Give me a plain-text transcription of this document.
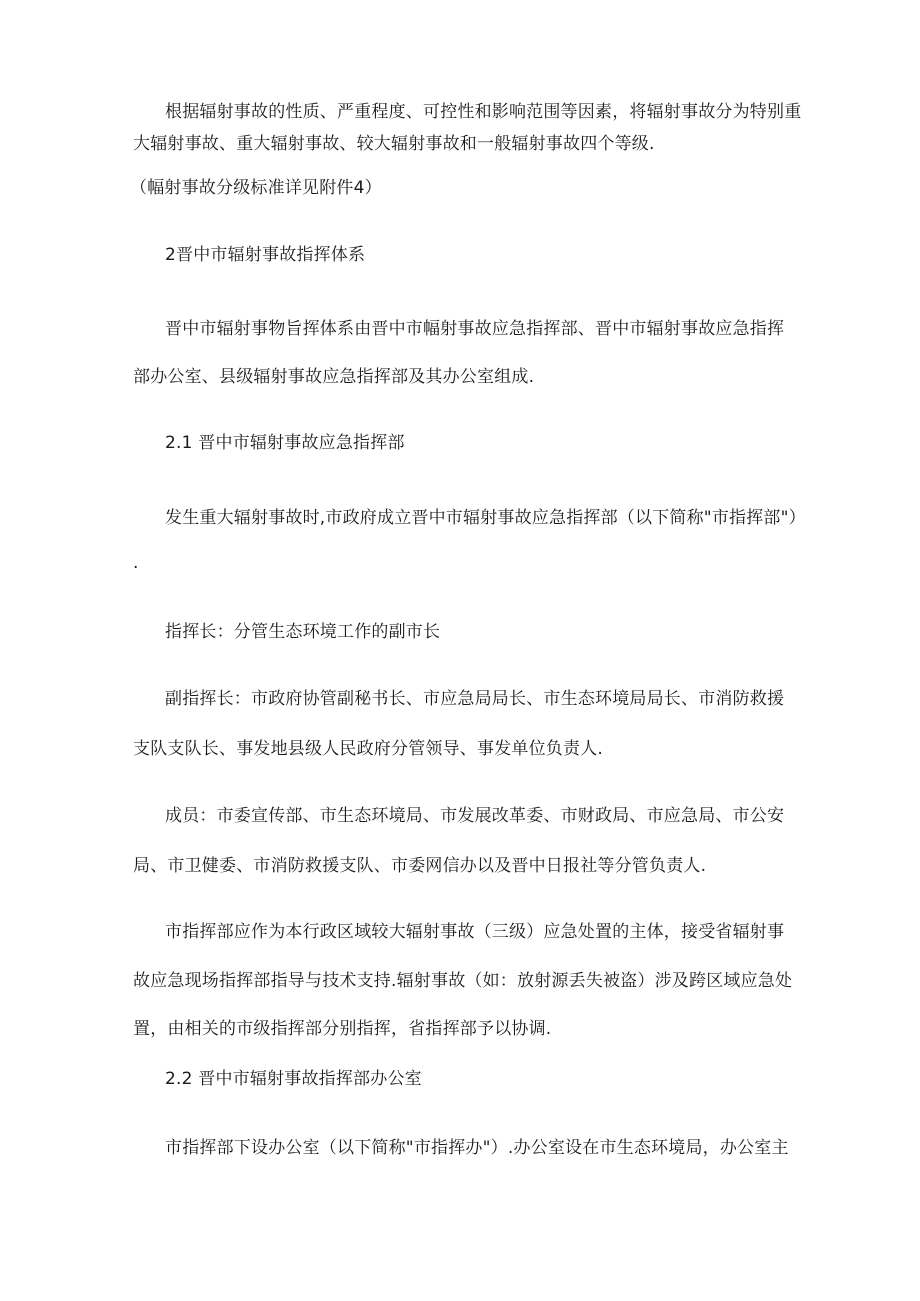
根据辐射事故的性质、严重程度、可控性和影响范围等因素，将辐射事故分为特别重
大辐射事故、重大辐射事故、较大辐射事故和一般辐射事故四个等级.
（幅射事故分级标准详见附件4）
2晋中市辐射事故指挥体系
晋中市辐射事物旨挥体系由晋中市幅射事故应急指挥部、晋中市辐射事故应急指挥
部办公室、县级辐射事故应急指挥部及其办公室组成.
2.1 晋中市辐射事故应急指挥部
发生重大辐射事故时,市政府成立晋中市辐射事故应急指挥部（以下简称"市指挥部"）
.
指挥长：分管生态环境工作的副市长
副指挥长：市政府协管副秘书长、市应急局局长、市生态环境局局长、市消防救援
支队支队长、事发地县级人民政府分管领导、事发单位负责人.
成员：市委宣传部、市生态环境局、市发展改革委、市财政局、市应急局、市公安
局、市卫健委、市消防救援支队、市委网信办以及晋中日报社等分管负责人.
市指挥部应作为本行政区域较大辐射事故（三级）应急处置的主体，接受省辐射事
故应急现场指挥部指导与技术支持.辐射事故（如：放射源丢失被盗）涉及跨区域应急处
置，由相关的市级指挥部分别指挥，省指挥部予以协调.
2.2 晋中市辐射事故指挥部办公室
市指挥部下设办公室（以下简称"市指挥办"）.办公室设在市生态环境局，办公室主
